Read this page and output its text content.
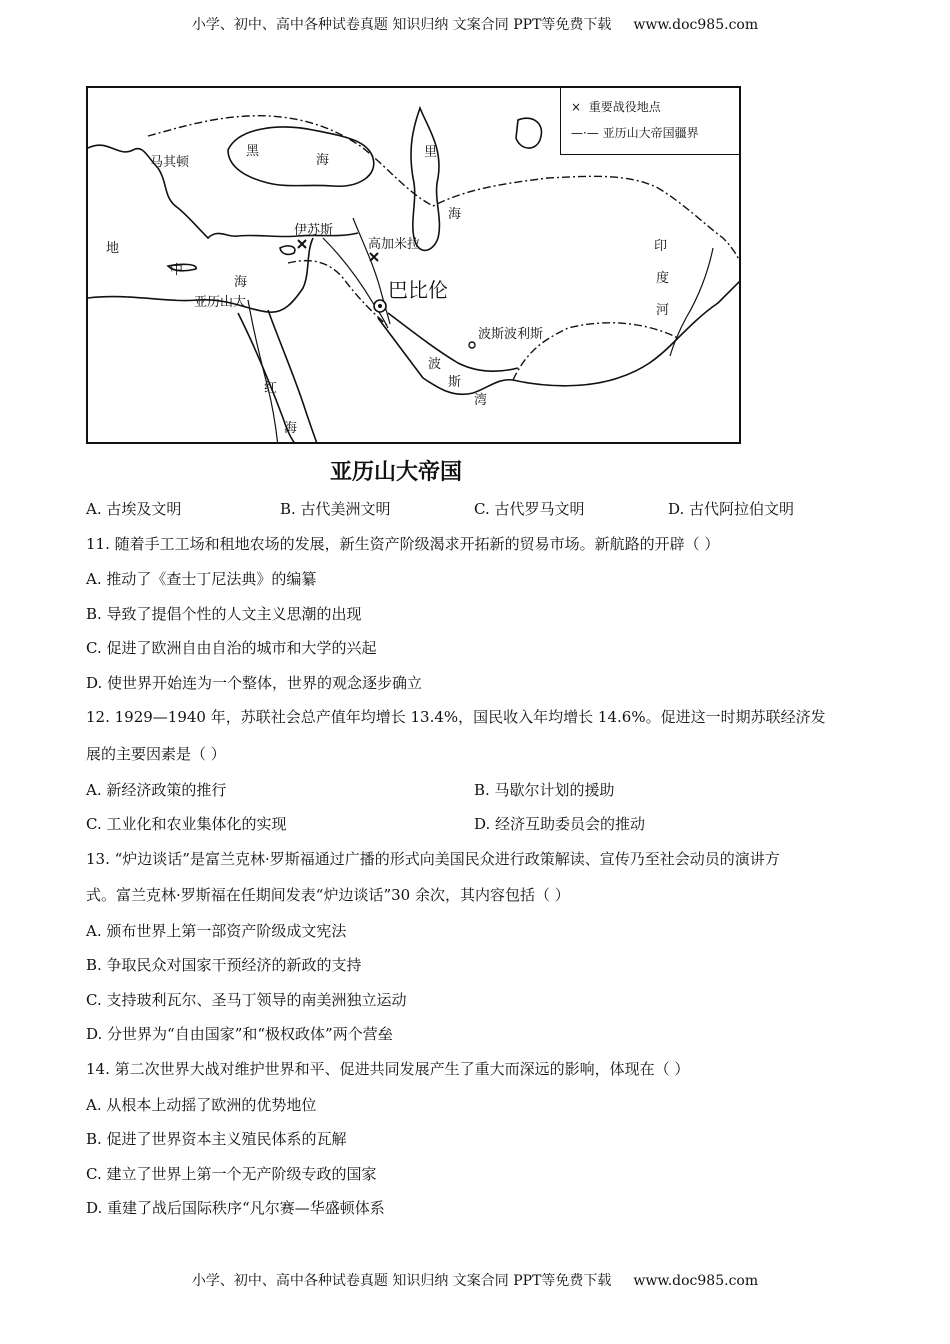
小学、初中、高中各种试卷真题 知识归纳 文案合同 PPT等免费下载 www.doc985.com
×  重要战役地点
—·— 亚历山大帝国疆界
黑
海
马其顿
里
海
地
中
海
伊苏斯
高加米拉
巴比伦
亚历山大
波斯波利斯
波
斯
湾
红
海
印
度
河
亚历山大帝国
A. 古埃及文明	B. 古代美洲文明	C. 古代罗马文明	D. 古代阿拉伯文明
11. 随着手工工场和租地农场的发展，新生资产阶级渴求开拓新的贸易市场。新航路的开辟（ ）
A. 推动了《查士丁尼法典》的编纂
B. 导致了提倡个性的人文主义思潮的出现
C. 促进了欧洲自由自治的城市和大学的兴起
D. 使世界开始连为一个整体，世界的观念逐步确立
12. 1929—1940 年，苏联社会总产值年均增长 13.4%，国民收入年均增长 14.6%。促进这一时期苏联经济发
展的主要因素是（ ）
A. 新经济政策的推行	B. 马歇尔计划的援助
C. 工业化和农业集体化的实现	D. 经济互助委员会的推动
13. “炉边谈话”是富兰克林·罗斯福通过广播的形式向美国民众进行政策解读、宣传乃至社会动员的演讲方
式。富兰克林·罗斯福在任期间发表“炉边谈话”30 余次，其内容包括（ ）
A. 颁布世界上第一部资产阶级成文宪法
B. 争取民众对国家干预经济的新政的支持
C. 支持玻利瓦尔、圣马丁领导的南美洲独立运动
D. 分世界为“自由国家”和“极权政体”两个营垒
14. 第二次世界大战对维护世界和平、促进共同发展产生了重大而深远的影响，体现在（ ）
A. 从根本上动摇了欧洲的优势地位
B. 促进了世界资本主义殖民体系的瓦解
C. 建立了世界上第一个无产阶级专政的国家
D. 重建了战后国际秩序“凡尔赛—华盛顿体系
小学、初中、高中各种试卷真题 知识归纳 文案合同 PPT等免费下载 www.doc985.com
